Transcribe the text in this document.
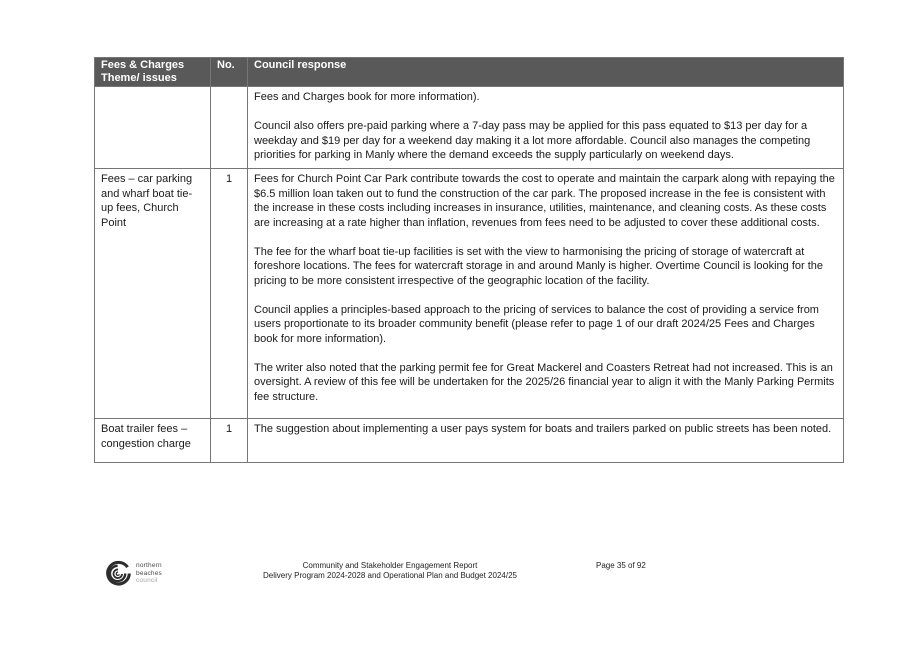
Fees & Charges Theme/ issues	No.	Council response

		Fees and Charges book for more information).

Council also offers pre-paid parking where a 7-day pass may be applied for this pass equated to $13 per day for a weekday and $19 per day for a weekend day making it a lot more affordable. Council also manages the competing priorities for parking in Manly where the demand exceeds the supply particularly on weekend days.

Fees – car parking and wharf boat tie-up fees, Church Point	1	Fees for Church Point Car Park contribute towards the cost to operate and maintain the carpark along with repaying the $6.5 million loan taken out to fund the construction of the car park. The proposed increase in the fee is consistent with the increase in these costs including increases in insurance, utilities, maintenance, and cleaning costs. As these costs are increasing at a rate higher than inflation, revenues from fees need to be adjusted to cover these additional costs.

The fee for the wharf boat tie-up facilities is set with the view to harmonising the pricing of storage of watercraft at foreshore locations. The fees for watercraft storage in and around Manly is higher. Overtime Council is looking for the pricing to be more consistent irrespective of the geographic location of the facility.

Council applies a principles-based approach to the pricing of services to balance the cost of providing a service from users proportionate to its broader community benefit (please refer to page 1 of our draft 2024/25 Fees and Charges book for more information).

The writer also noted that the parking permit fee for Great Mackerel and Coasters Retreat had not increased. This is an oversight. A review of this fee will be undertaken for the 2025/26 financial year to align it with the Manly Parking Permits fee structure.

Boat trailer fees – congestion charge	1	The suggestion about implementing a user pays system for boats and trailers parked on public streets has been noted.

northern
beaches
council
Community and Stakeholder Engagement Report
Delivery Program 2024-2028 and Operational Plan and Budget 2024/25
Page 35 of 92
